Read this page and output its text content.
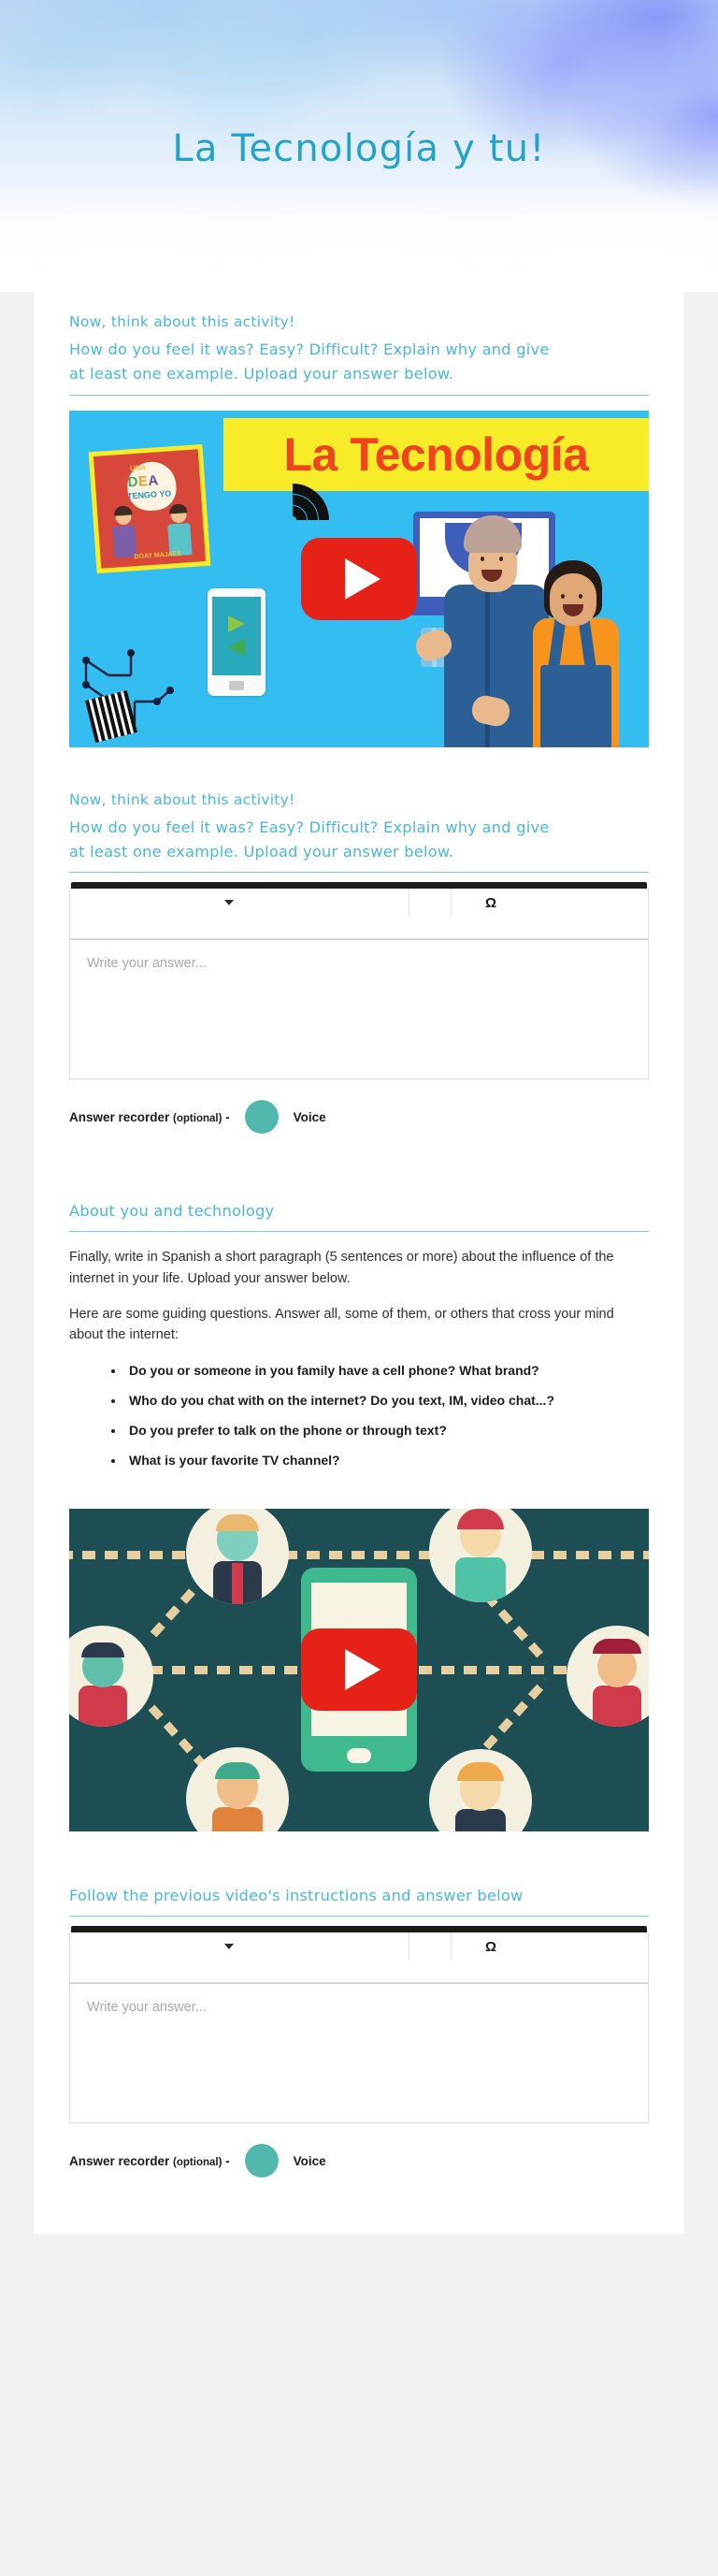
La Tecnología y tu!
Now, think about this activity!
How do you feel it was? Easy? Difficult? Explain why and give
at least one example. Upload your answer below.
La Tecnología
UNA
IDEA
TENGO YO
DOAY MAJAES
Now, think about this activity!
How do you feel it was? Easy? Difficult? Explain why and give
at least one example. Upload your answer below.
Ω
Write your answer...
Answer recorder (optional) -	Voice
About you and technology

Finally, write in Spanish a short paragraph (5 sentences or more) about the influence of the internet in your life. Upload your answer below.

Here are some guiding questions. Answer all, some of them, or others that cross your mind about the internet:

• Do you or someone in you family have a cell phone? What brand?
• Who do you chat with on the internet? Do you text, IM, video chat...?
• Do you prefer to talk on the phone or through text?
• What is your favorite TV channel?
Follow the previous video's instructions and answer below
Ω
Write your answer...
Answer recorder (optional) -	Voice
